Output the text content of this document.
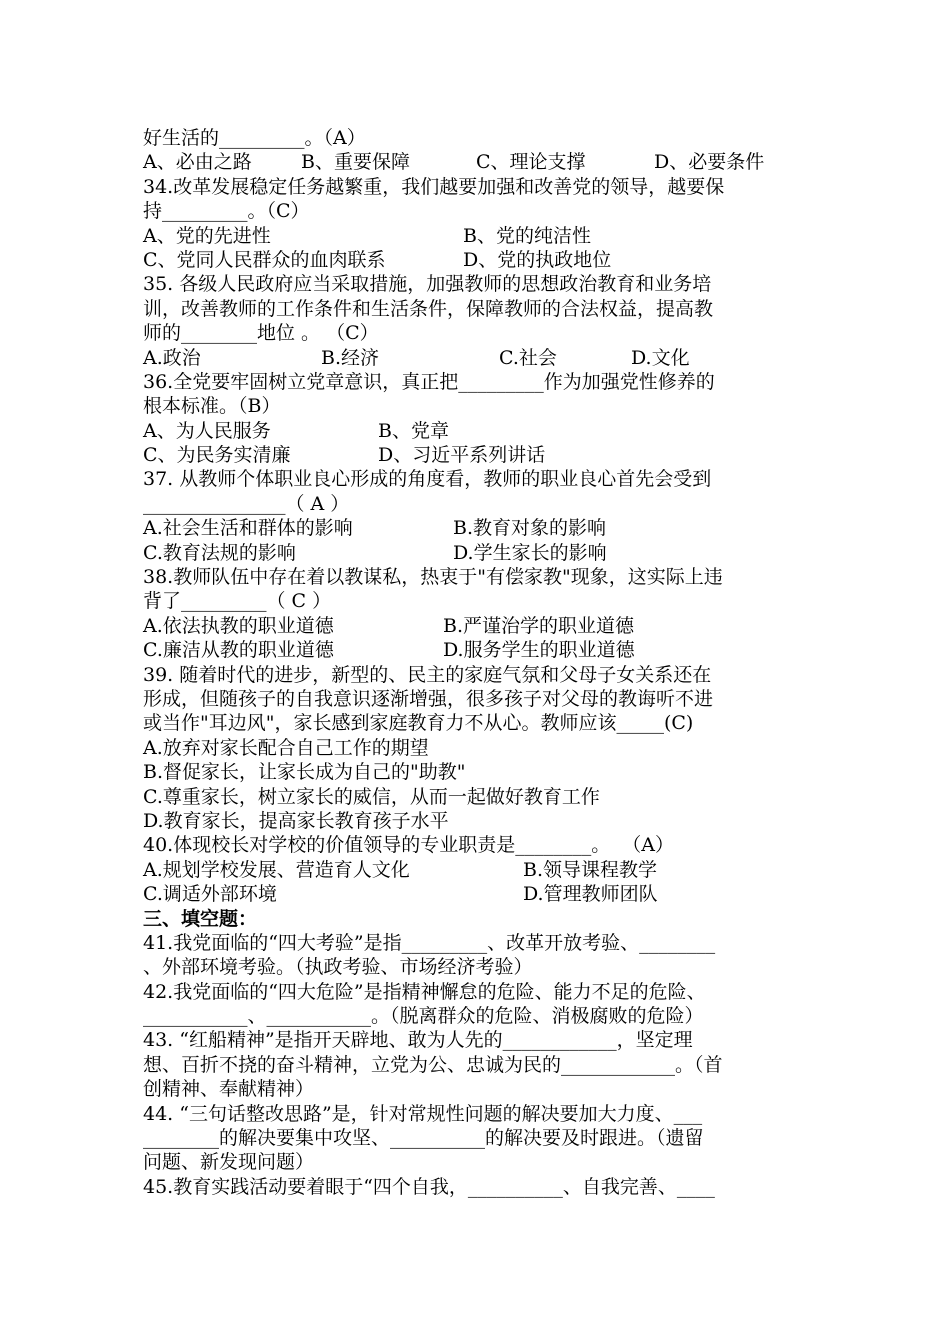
好生活的_________。（A）
A、必由之路	B、重要保障	C、理论支撑	D、必要条件
34.改革发展稳定任务越繁重，我们越要加强和改善党的领导，越要保
持_________。（C）
A、党的先进性	B、党的纯洁性
C、党同人民群众的血肉联系	D、党的执政地位
35. 各级人民政府应当采取措施，加强教师的思想政治教育和业务培
训，改善教师的工作条件和生活条件，保障教师的合法权益，提高教
师的________地位 。 （C）
A.政治	B.经济	C.社会	D.文化
36.全党要牢固树立党章意识，真正把_________作为加强党性修养的
根本标准。（B）
A、为人民服务	B、党章
C、为民务实清廉	D、习近平系列讲话
37. 从教师个体职业良心形成的角度看，教师的职业良心首先会受到
_______________（ A ）
A.社会生活和群体的影响	B.教育对象的影响
C.教育法规的影响	D.学生家长的影响
38.教师队伍中存在着以教谋私，热衷于"有偿家教"现象，这实际上违
背了_________（ C ）
A.依法执教的职业道德	B.严谨治学的职业道德
C.廉洁从教的职业道德	D.服务学生的职业道德
39. 随着时代的进步，新型的、民主的家庭气氛和父母子女关系还在
形成，但随孩子的自我意识逐渐增强，很多孩子对父母的教诲听不进
或当作"耳边风"，家长感到家庭教育力不从心。教师应该_____(C)
A.放弃对家长配合自己工作的期望
B.督促家长，让家长成为自己的"助教"
C.尊重家长，树立家长的威信，从而一起做好教育工作
D.教育家长，提高家长教育孩子水平
40.体现校长对学校的价值领导的专业职责是________。  （A）
A.规划学校发展、营造育人文化	B.领导课程教学
C.调适外部环境	D.管理教师团队
三、填空题：
41.我党面临的“四大考验”是指_________、改革开放考验、________
、外部环境考验。（执政考验、市场经济考验）
42.我党面临的“四大危险”是指精神懈怠的危险、能力不足的危险、
___________、___________。（脱离群众的危险、消极腐败的危险）
43. “红船精神”是指开天辟地、敢为人先的____________，坚定理
想、百折不挠的奋斗精神，立党为公、忠诚为民的____________。（首
创精神、奉献精神）
44. “三句话整改思路”是，针对常规性问题的解决要加大力度、___
________的解决要集中攻坚、__________的解决要及时跟进。（遗留
问题、新发现问题）
45.教育实践活动要着眼于“四个自我，__________、自我完善、____
